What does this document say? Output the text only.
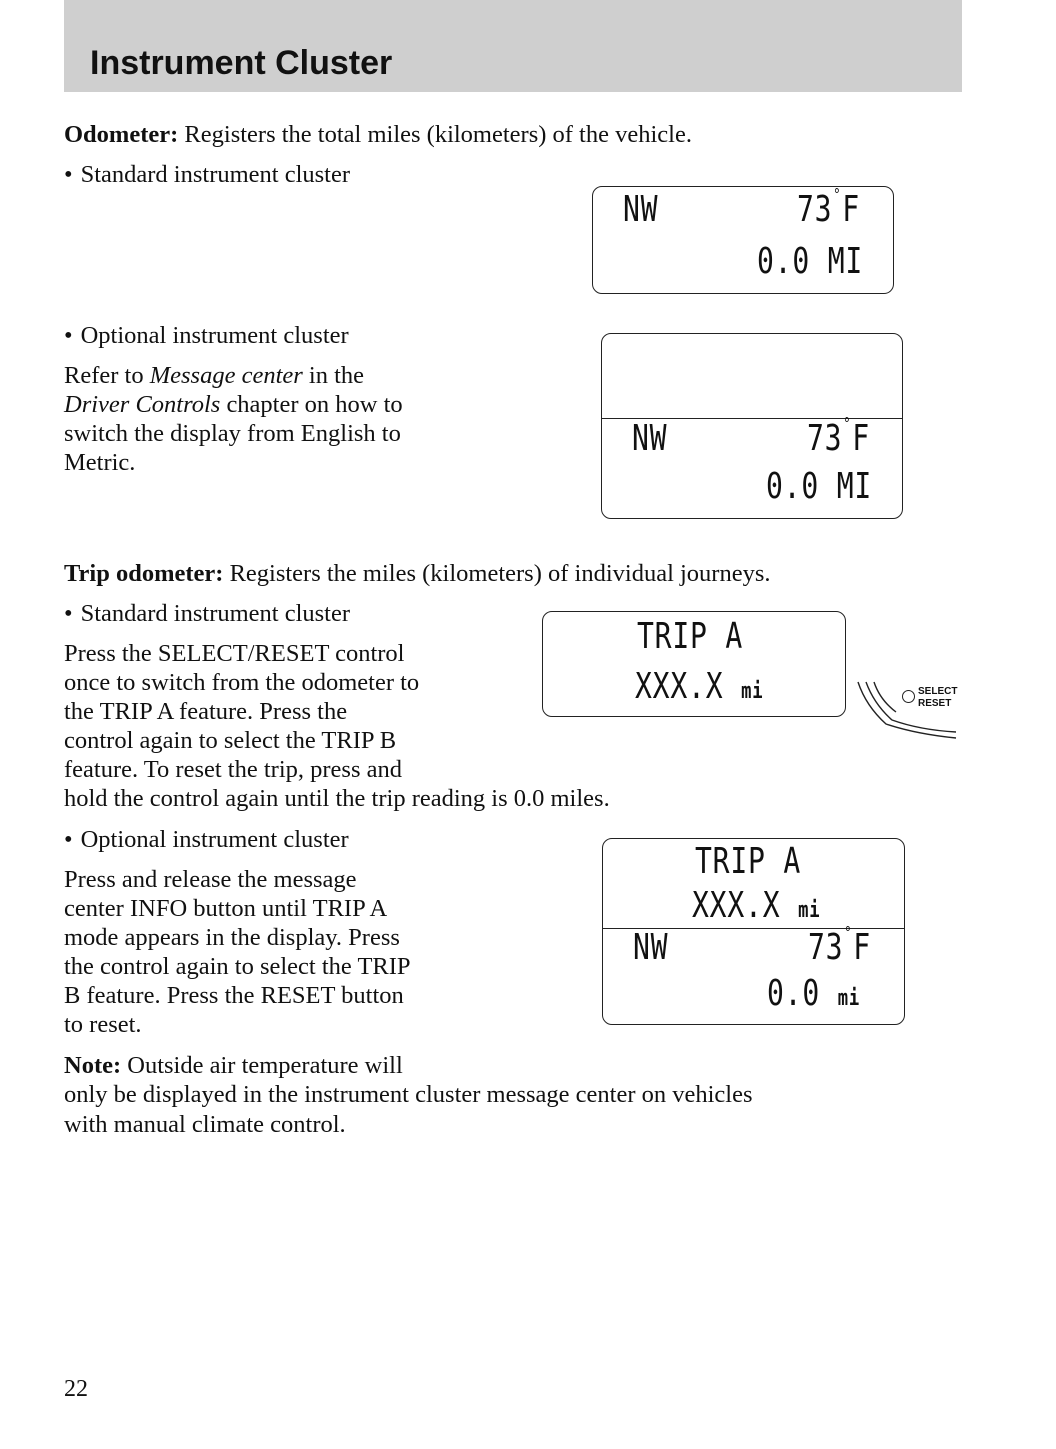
Instrument Cluster
Odometer: Registers the total miles (kilometers) of the vehicle.
• Standard instrument cluster
NW	73°F
0.0 MI
• Optional instrument cluster
Refer to Message center in the
Driver Controls chapter on how to
switch the display from English to
Metric.
NW	73°F
0.0 MI
Trip odometer: Registers the miles (kilometers) of individual journeys.
• Standard instrument cluster
Press the SELECT/RESET control
once to switch from the odometer to
the TRIP A feature. Press the
control again to select the TRIP B
feature. To reset the trip, press and
hold the control again until the trip reading is 0.0 miles.
TRIP A
XXX.X mi	SELECT
RESET
• Optional instrument cluster
Press and release the message
center INFO button until TRIP A
mode appears in the display. Press
the control again to select the TRIP
B feature. Press the RESET button
to reset.
TRIP A
XXX.X mi
NW	73°F
0.0 mi
Note: Outside air temperature will
only be displayed in the instrument cluster message center on vehicles
with manual climate control.
22
